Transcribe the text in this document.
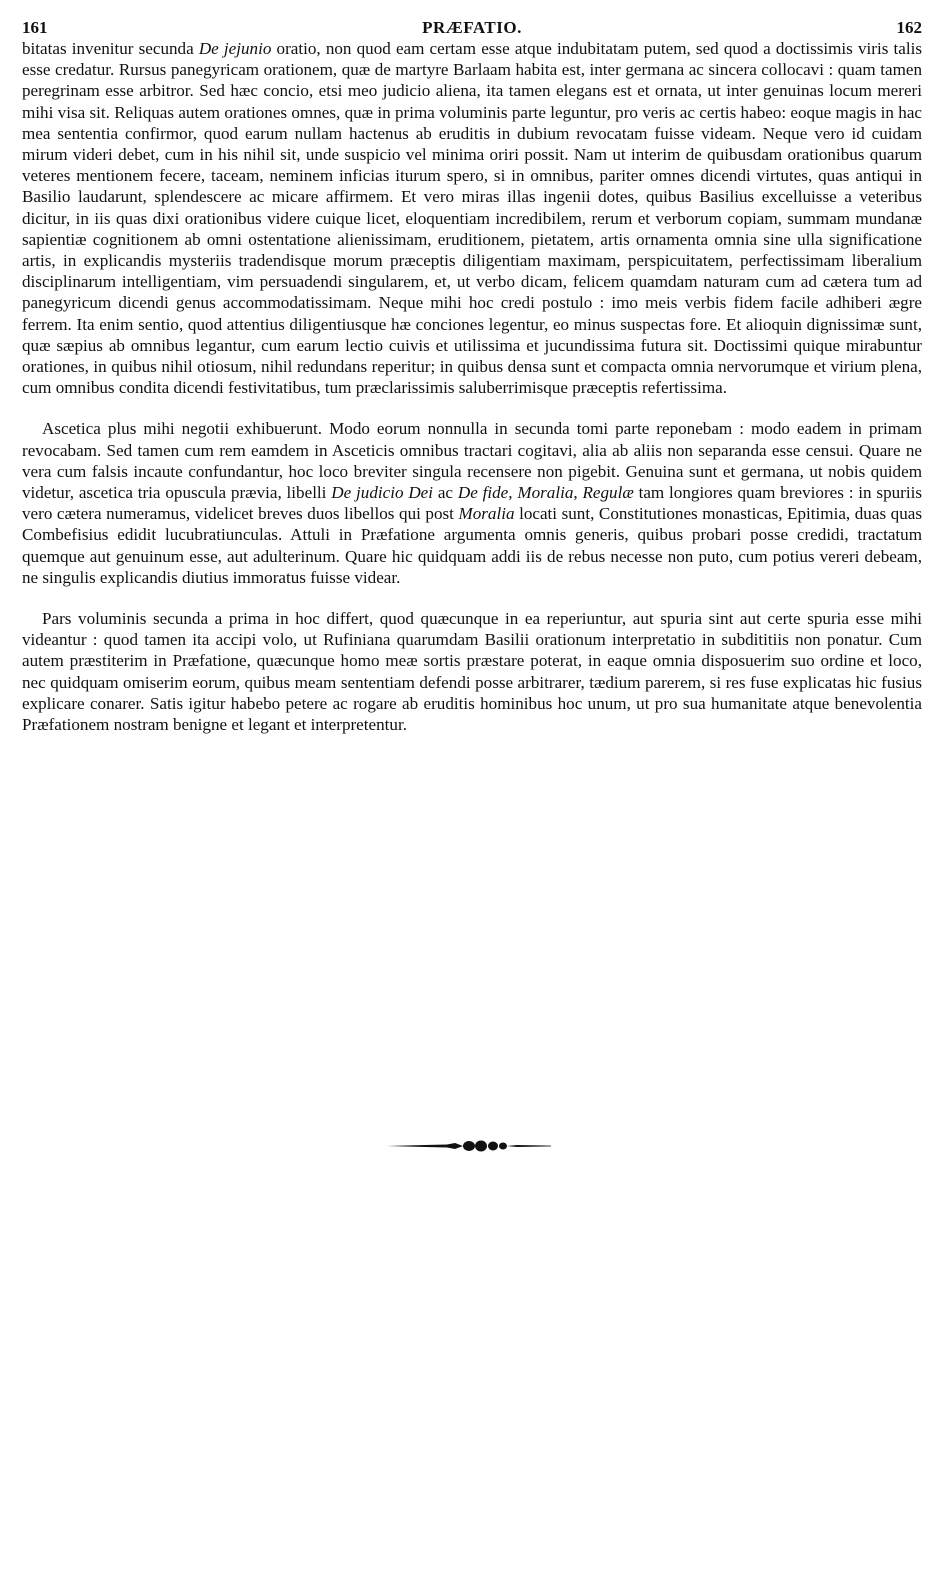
161	PRÆFATIO.	162

bitatas invenitur secunda De jejunio oratio, non quod eam certam esse atque indubitatam putem, sed quod a doctissimis viris talis esse credatur. Rursus panegyricam orationem, quæ de martyre Barlaam habita est, inter germana ac sincera collocavi : quam tamen peregrinam esse arbitror. Sed hæc concio, etsi meo judicio aliena, ita tamen elegans est et ornata, ut inter genuinas locum mereri mihi visa sit. Reliquas autem orationes omnes, quæ in prima voluminis parte leguntur, pro veris ac certis habeo: eoque magis in hac mea sententia confirmor, quod earum nullam hactenus ab eruditis in dubium revocatam fuisse videam. Neque vero id cuidam mirum videri debet, cum in his nihil sit, unde suspicio vel minima oriri possit. Nam ut interim de quibusdam orationibus quarum veteres mentionem fecere, taceam, neminem inficias iturum spero, si in omnibus, pariter omnes dicendi virtutes, quas antiqui in Basilio laudarunt, splendescere ac micare affirmem. Et vero miras illas ingenii dotes, quibus Basilius excelluisse a veteribus dicitur, in iis quas dixi orationibus videre cuique licet, eloquentiam incredibilem, rerum et verborum copiam, summam mundanæ sapientiæ cognitionem ab omni ostentatione alienissimam, eruditionem, pietatem, artis ornamenta omnia sine ulla significatione artis, in explicandis mysteriis tradendisque morum præceptis diligentiam maximam, perspicuitatem, perfectissimam liberalium disciplinarum intelligentiam, vim persuadendi singularem, et, ut verbo dicam, felicem quamdam naturam cum ad cætera tum ad panegyricum dicendi genus accommodatissimam. Neque mihi hoc credi postulo : imo meis verbis fidem facile adhiberi ægre ferrem. Ita enim sentio, quod attentius diligentiusque hæ conciones legentur, eo minus suspectas fore. Et alioquin dignissimæ sunt, quæ sæpius ab omnibus legantur, cum earum lectio cuivis et utilissima et jucundissima futura sit. Doctissimi quique mirabuntur orationes, in quibus nihil otiosum, nihil redundans reperitur; in quibus densa sunt et compacta omnia nervorumque et virium plena, cum omnibus condita dicendi festivitatibus, tum præclarissimis saluberrimisque præceptis refertissima.

Ascetica plus mihi negotii exhibuerunt. Modo eorum nonnulla in secunda tomi parte reponebam : modo eadem in primam revocabam. Sed tamen cum rem eamdem in Asceticis omnibus tractari cogitavi, alia ab aliis non separanda esse censui. Quare ne vera cum falsis incaute confundantur, hoc loco breviter singula recensere non pigebit. Genuina sunt et germana, ut nobis quidem videtur, ascetica tria opuscula prævia, libelli De judicio Dei ac De fide, Moralia, Regulæ tam longiores quam breviores : in spuriis vero cætera numeramus, videlicet breves duos libellos qui post Moralia locati sunt, Constitutiones monasticas, Epitimia, duas quas Combefisius edidit lucubratiunculas. Attuli in Præfatione argumenta omnis generis, quibus probari posse credidi, tractatum quemque aut genuinum esse, aut adulterinum. Quare hic quidquam addi iis de rebus necesse non puto, cum potius vereri debeam, ne singulis explicandis diutius immoratus fuisse videar.

Pars voluminis secunda a prima in hoc differt, quod quæcunque in ea reperiuntur, aut spuria sint aut certe spuria esse mihi videantur : quod tamen ita accipi volo, ut Rufiniana quarumdam Basilii orationum interpretatio in subdititiis non ponatur. Cum autem præstiterim in Præfatione, quæcunque homo meæ sortis præstare poterat, in eaque omnia disposuerim suo ordine et loco, nec quidquam omiserim eorum, quibus meam sententiam defendi posse arbitrarer, tædium parerem, si res fuse explicatas hic fusius explicare conarer. Satis igitur habebo petere ac rogare ab eruditis hominibus hoc unum, ut pro sua humanitate atque benevolentia Præfationem nostram benigne et legant et interpretentur.
